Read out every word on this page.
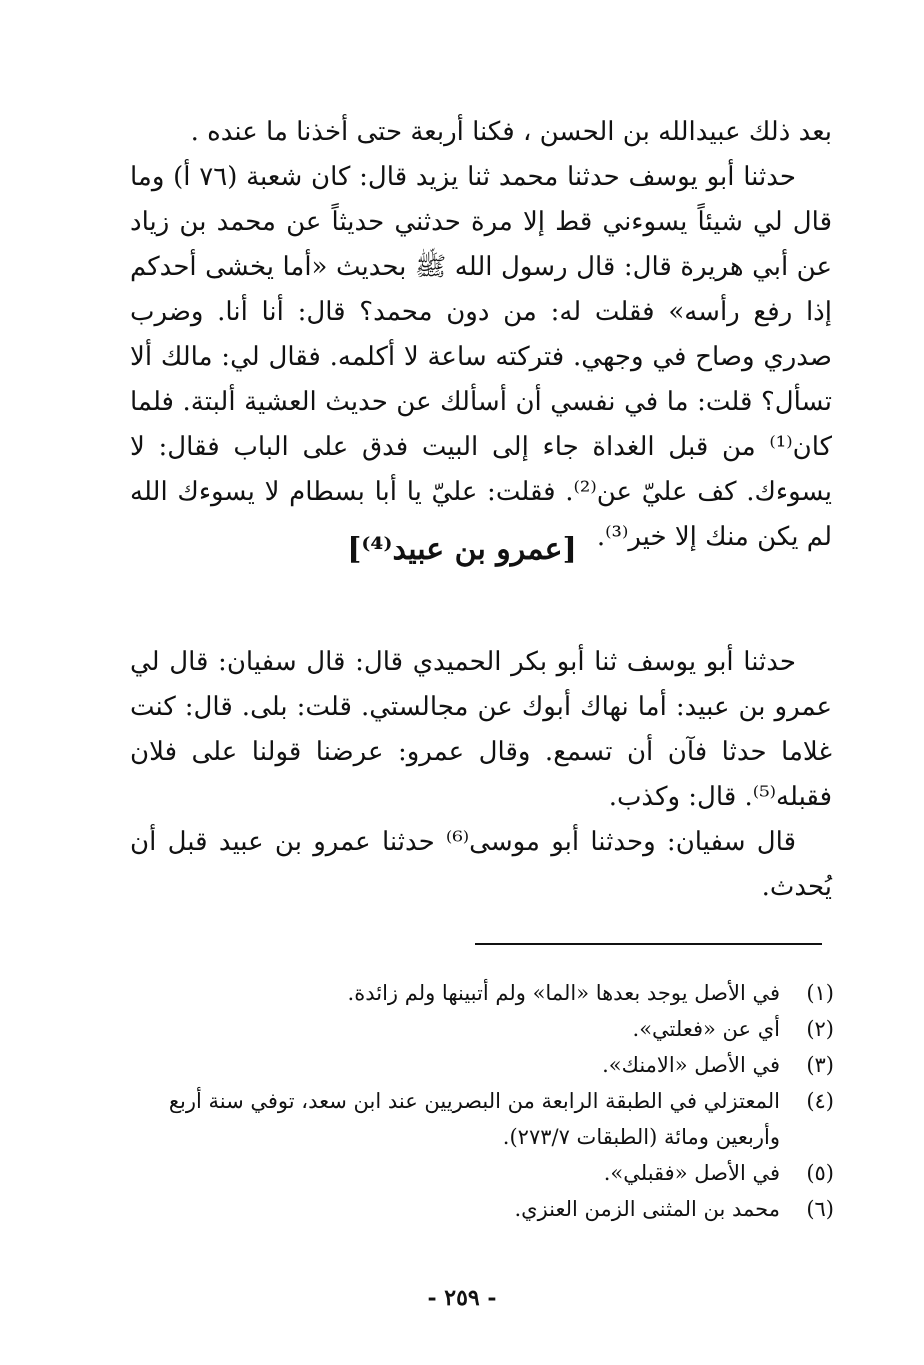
بعد ذلك عبيدالله بن الحسن ، فكنا أربعة حتى أخذنا ما عنده .

حدثنا أبو يوسف حدثنا محمد ثنا يزيد قال: كان شعبة (٧٦ أ) وما قال لي شيئاً يسوءني قط إلا مرة حدثني حديثاً عن محمد بن زياد عن أبي هريرة قال: قال رسول الله ﷺ بحديث «أما يخشى أحدكم إذا رفع رأسه» فقلت له: من دون محمد؟ قال: أنا أنا. وضرب صدري وصاح في وجهي. فتركته ساعة لا أكلمه. فقال لي: مالك ألا تسأل؟ قلت: ما في نفسي أن أسألك عن حديث العشية ألبتة. فلما كان⁽¹⁾ من قبل الغداة جاء إلى البيت فدق على الباب فقال: لا يسوءك. كف عليّ عن⁽²⁾. فقلت: عليّ يا أبا بسطام لا يسوءك الله لم يكن منك إلا خير⁽³⁾.

[عمرو بن عبيد⁽⁴⁾]

حدثنا أبو يوسف ثنا أبو بكر الحميدي قال: قال سفيان: قال لي عمرو بن عبيد: أما نهاك أبوك عن مجالستي. قلت: بلى. قال: كنت غلاما حدثا فآن أن تسمع. وقال عمرو: عرضنا قولنا على فلان فقبله⁽⁵⁾. قال: وكذب.

قال سفيان: وحدثنا أبو موسى⁽⁶⁾ حدثنا عمرو بن عبيد قبل أن يُحدث.

(١)
في الأصل يوجد بعدها «الما» ولم أتبينها ولم زائدة.
(٢)
أي عن «فعلتي».
(٣)
في الأصل «الامنك».
(٤)
المعتزلي في الطبقة الرابعة من البصريين عند ابن سعد، توفي سنة أربع وأربعين ومائة (الطبقات ٢٧٣/٧).
(٥)
في الأصل «فقبلي».
(٦)
محمد بن المثنى الزمن العنزي.
- ٢٥٩ -
